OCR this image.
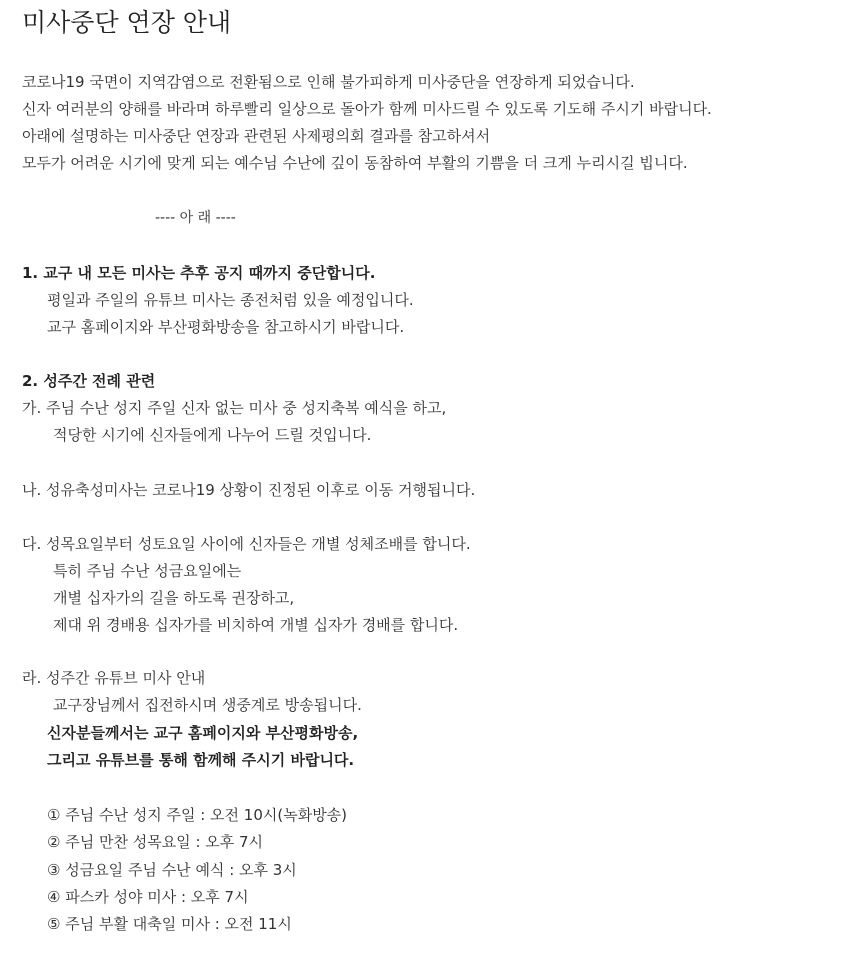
미사중단 연장 안내
코로나19 국면이 지역감염으로 전환됨으로 인해 불가피하게 미사중단을 연장하게 되었습니다.
신자 여러분의 양해를 바라며 하루빨리 일상으로 돌아가 함께 미사드릴 수 있도록 기도해 주시기 바랍니다.
아래에 설명하는 미사중단 연장과 관련된 사제평의회 결과를 참고하셔서
모두가 어려운 시기에 맞게 되는 예수님 수난에 깊이 동참하여 부활의 기쁨을 더 크게 누리시길 빕니다.
---- 아 래 ----
1. 교구 내 모든 미사는 추후 공지 때까지 중단합니다.
평일과 주일의 유튜브 미사는 종전처럼 있을 예정입니다.
교구 홈페이지와 부산평화방송을 참고하시기 바랍니다.
2. 성주간 전례 관련
가. 주님 수난 성지 주일 신자 없는 미사 중 성지축복 예식을 하고,
적당한 시기에 신자들에게 나누어 드릴 것입니다.
나. 성유축성미사는 코로나19 상황이 진정된 이후로 이동 거행됩니다.
다. 성목요일부터 성토요일 사이에 신자들은 개별 성체조배를 합니다.
특히 주님 수난 성금요일에는
개별 십자가의 길을 하도록 권장하고,
제대 위 경배용 십자가를 비치하여 개별 십자가 경배를 합니다.
라. 성주간 유튜브 미사 안내
교구장님께서 집전하시며 생중계로 방송됩니다.
신자분들께서는 교구 홈페이지와 부산평화방송,
그리고 유튜브를 통해 함께해 주시기 바랍니다.
① 주님 수난 성지 주일 : 오전 10시(녹화방송)
② 주님 만찬 성목요일 : 오후 7시
③ 성금요일 주님 수난 예식 : 오후 3시
④ 파스카 성야 미사 : 오후 7시
⑤ 주님 부활 대축일 미사 : 오전 11시
